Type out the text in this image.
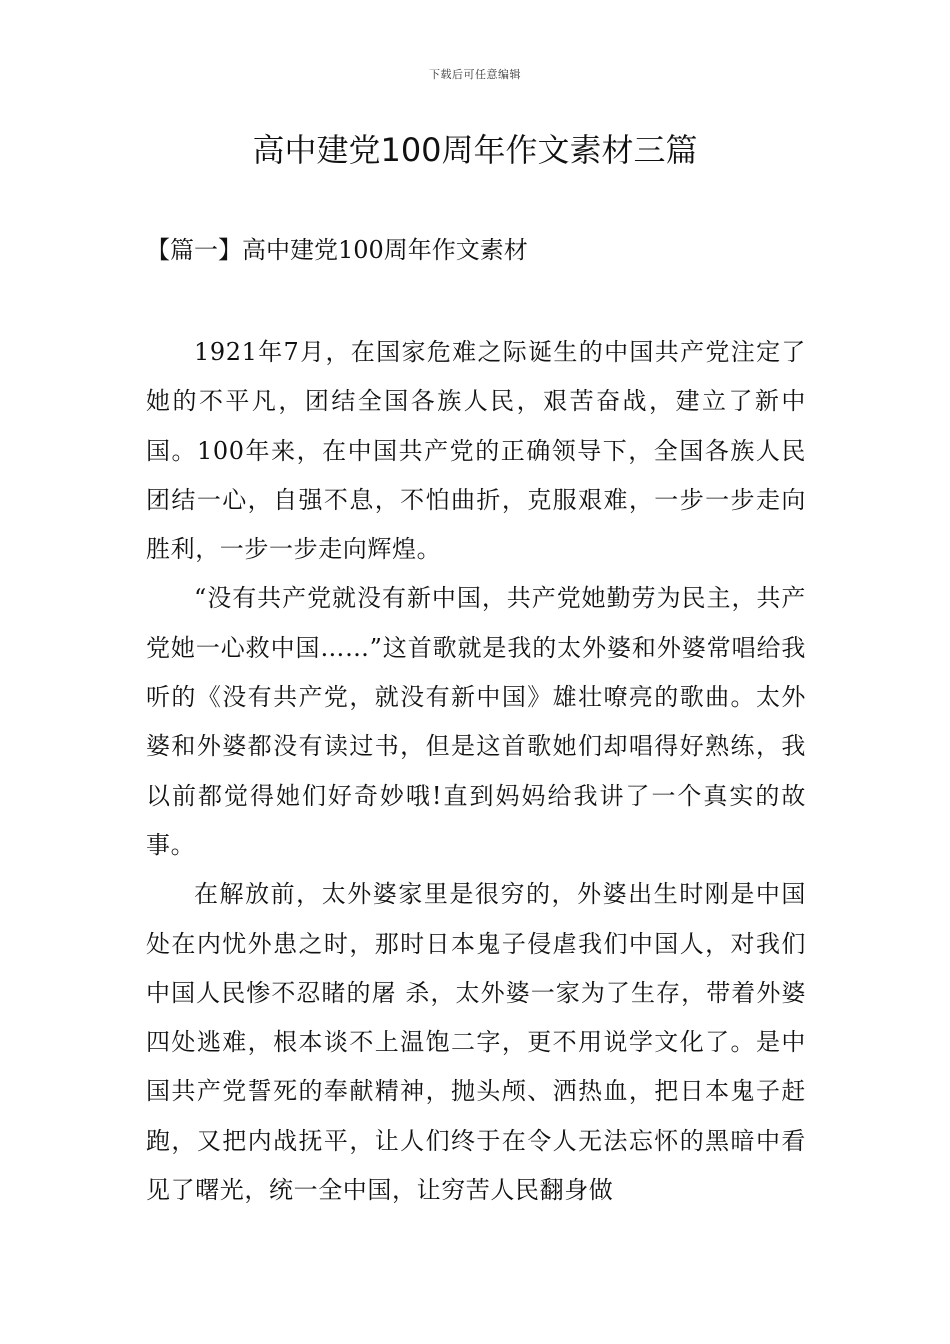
下载后可任意编辑
高中建党100周年作文素材三篇
【篇一】高中建党100周年作文素材

1921年7月，在国家危难之际诞生的中国共产党注定了她的不平凡，团结全国各族人民，艰苦奋战，建立了新中国。100年来，在中国共产党的正确领导下，全国各族人民团结一心，自强不息，不怕曲折，克服艰难，一步一步走向胜利，一步一步走向辉煌。

“没有共产党就没有新中国，共产党她勤劳为民主，共产党她一心救中国……”这首歌就是我的太外婆和外婆常唱给我听的《没有共产党，就没有新中国》雄壮嘹亮的歌曲。太外婆和外婆都没有读过书，但是这首歌她们却唱得好熟练，我以前都觉得她们好奇妙哦!直到妈妈给我讲了一个真实的故事。

在解放前，太外婆家里是很穷的，外婆出生时刚是中国处在内忧外患之时，那时日本鬼子侵虐我们中国人，对我们中国人民惨不忍睹的屠 杀，太外婆一家为了生存，带着外婆四处逃难，根本谈不上温饱二字，更不用说学文化了。是中国共产党誓死的奉献精神，抛头颅、洒热血，把日本鬼子赶跑，又把内战抚平，让人们终于在令人无法忘怀的黑暗中看见了曙光，统一全中国，让穷苦人民翻身做
